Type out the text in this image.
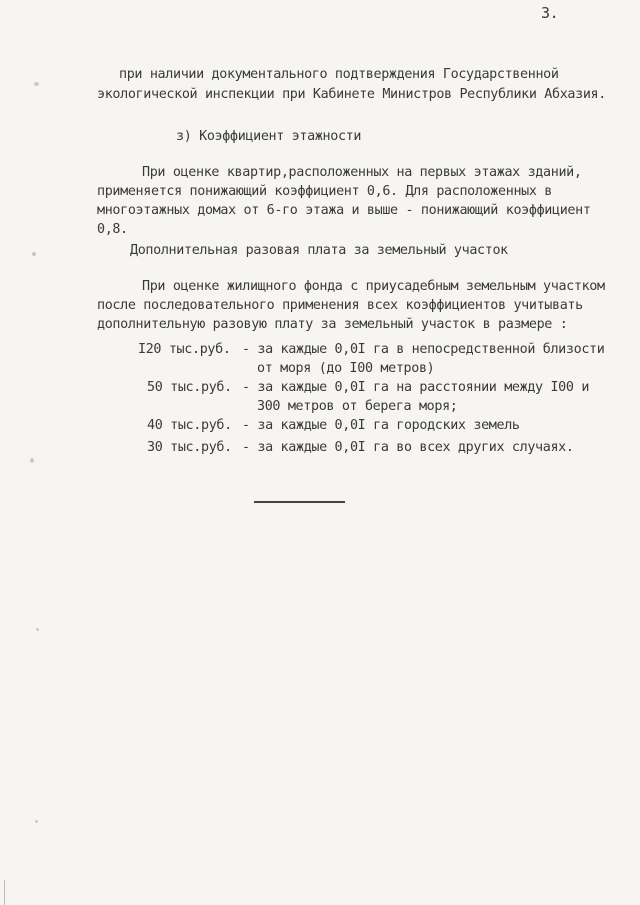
3.
при наличии документального подтверждения Государственной
экологической инспекции при Кабинете Министров Республики Абхазия.
з) Коэффициент этажности
При оценке квартир,расположенных на первых этажах зданий,
применяется понижающий коэффициент 0,6. Для расположенных в
многоэтажных домах от 6-го этажа и выше - понижающий коэффициент
0,8.
Дополнительная разовая плата за земельный участок
При оценке жилищного фонда с приусадебным земельным участком
после последовательного применения всех коэффициентов учитывать
дополнительную разовую плату за земельный участок в размере :
I20 тыс.руб. - за каждые 0,0I га в непосредственной близости
от моря (до I00 метров)
50 тыс.руб. - за каждые 0,0I га на расстоянии между I00 и
300 метров от берега моря;
40 тыс.руб. - за каждые 0,0I га городских земель
30 тыс.руб. - за каждые 0,0I га во всех других случаях.
